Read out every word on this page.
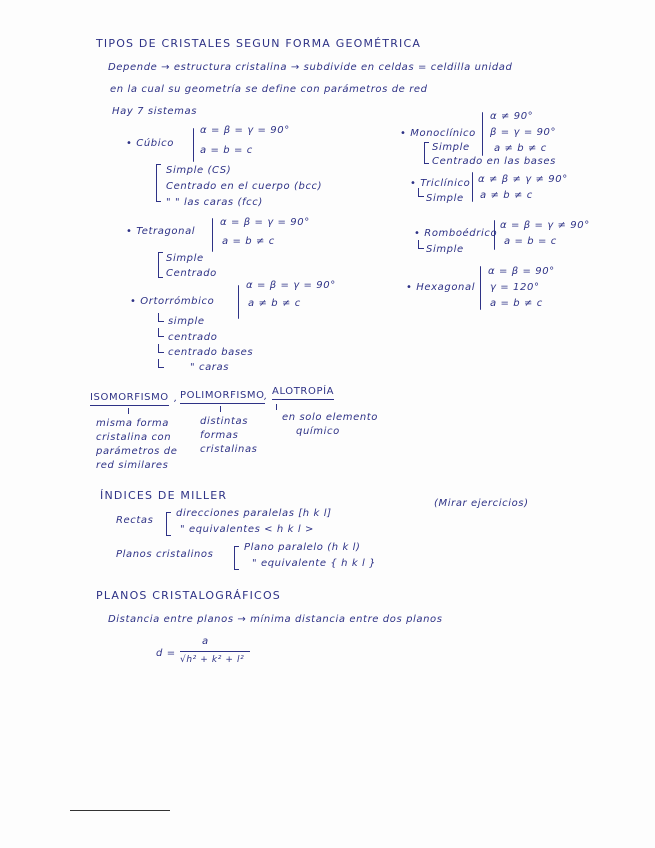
TIPOS DE CRISTALES SEGUN FORMA GEOMÉTRICA
Depende → estructura cristalina → subdivide en celdas = celdilla unidad
en la cual su geometría se define con parámetros de red
Hay 7 sistemas
• Cúbico
α = β = γ = 90°
a = b = c
Simple (CS)
Centrado en el cuerpo (bcc)
" " las caras (fcc)
• Tetragonal
α = β = γ = 90°
a = b ≠ c
Simple
Centrado
• Ortorrómbico
α = β = γ = 90°
a ≠ b ≠ c
simple
centrado
centrado bases
" caras
• Monoclínico
α ≠ 90°
β = γ = 90°
a ≠ b ≠ c
Simple
Centrado en las bases
• Triclínico α ≠ β ≠ γ ≠ 90°
a ≠ b ≠ c
Simple
• Romboédrico
α = β = γ ≠ 90°
a = b = c
Simple
• Hexagonal
α = β = 90°
γ = 120°
a = b ≠ c
ISOMORFISMO , POLIMORFISMO , ALOTROPÍA
misma forma
cristalina con
parámetros de
red similares
distintas
formas
cristalinas
en solo elemento
químico
ÍNDICES DE MILLER
(Mirar ejercicios)
Rectas
direcciones paralelas [h k l]
" equivalentes < h k l >
Planos cristalinos
Plano paralelo (h k l)
" equivalente { h k l }
PLANOS CRISTALOGRÁFICOS
Distancia entre planos → mínima distancia entre dos planos
d =
a
√h² + k² + l²
